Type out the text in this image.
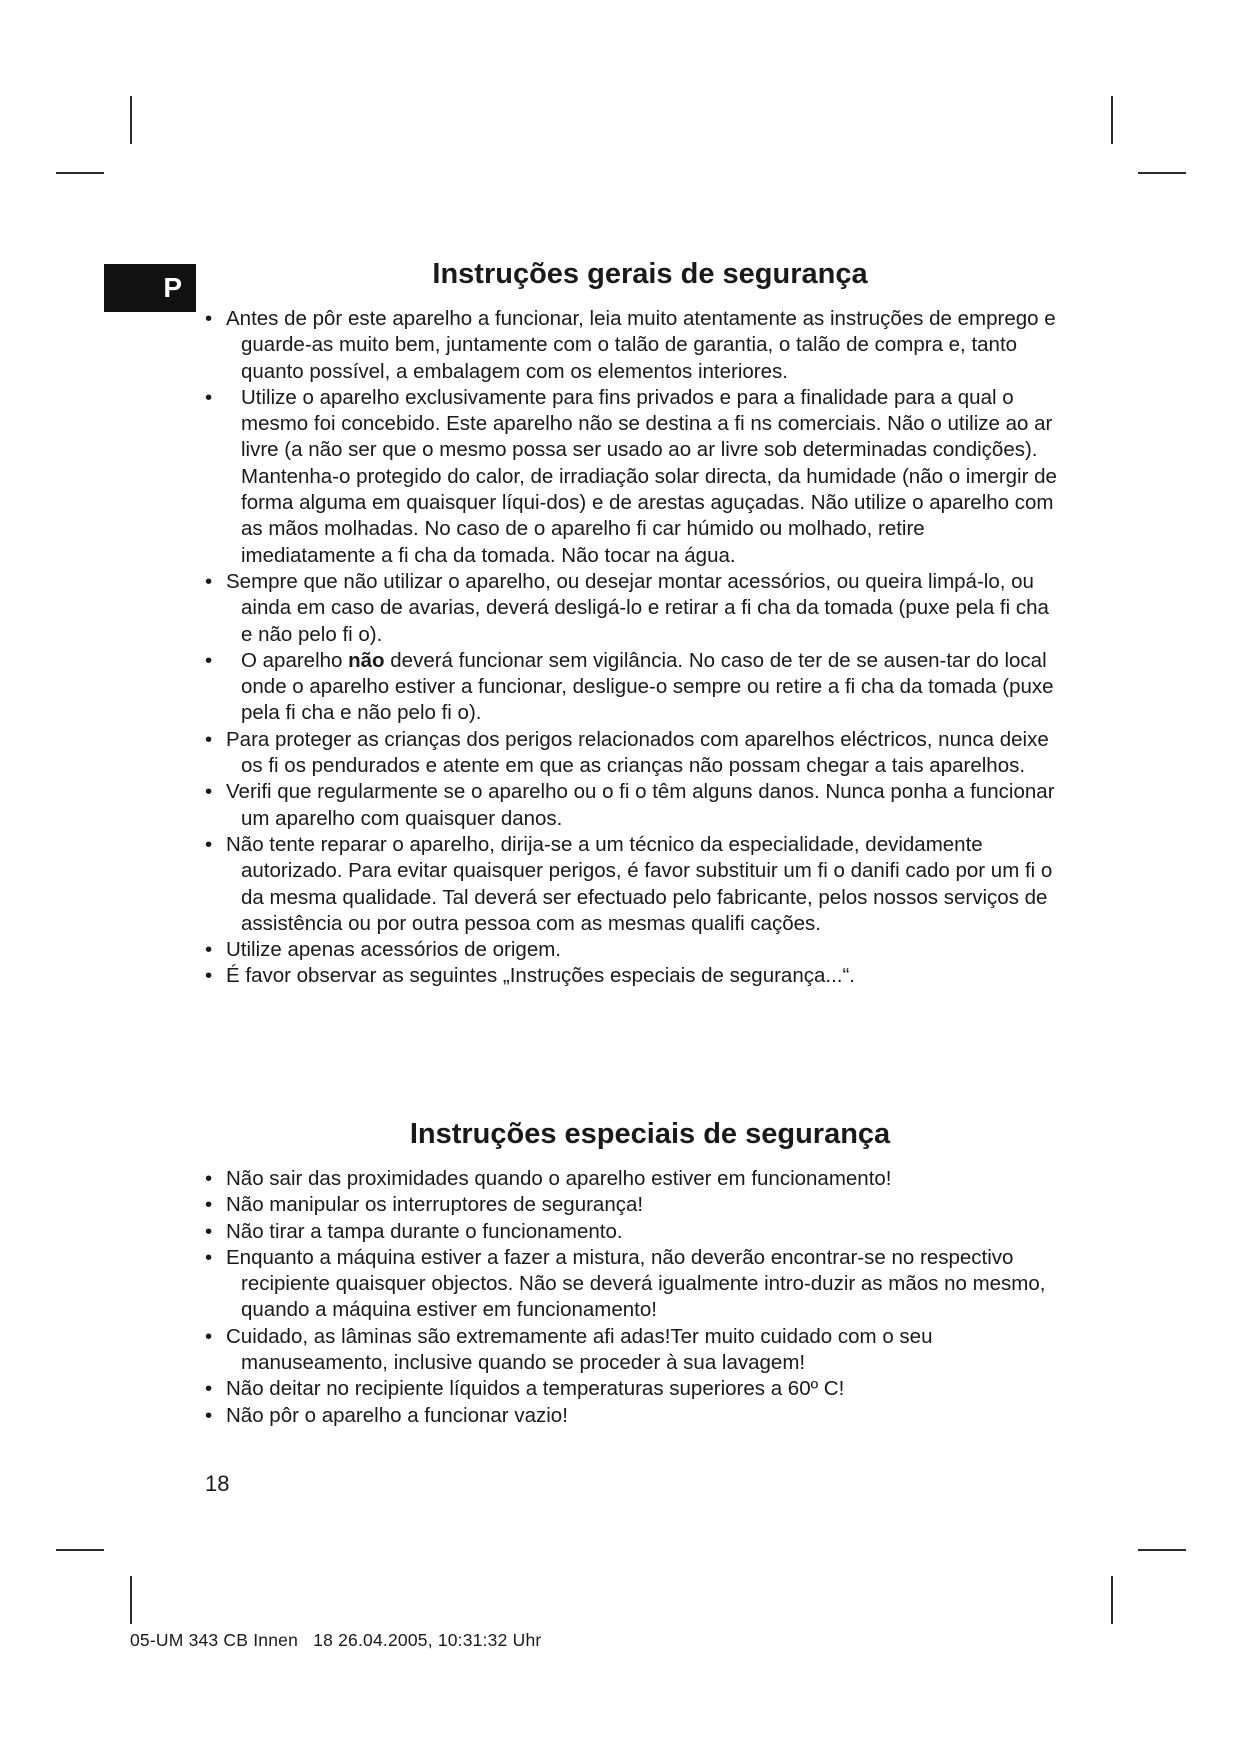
P	Instruções gerais de segurança
• Antes de pôr este aparelho a funcionar, leia muito atentamente as instruções de emprego e guarde-as muito bem, juntamente com o talão de garantia, o talão de compra e, tanto quanto possível, a embalagem com os elementos interiores.
• Utilize o aparelho exclusivamente para fins privados e para a finalidade para a qual o mesmo foi concebido. Este aparelho não se destina a fi ns comerciais. Não o utilize ao ar livre (a não ser que o mesmo possa ser usado ao ar livre sob determinadas condições). Mantenha-o protegido do calor, de irradiação solar directa, da humidade (não o imergir de forma alguma em quaisquer líqui-dos) e de arestas aguçadas. Não utilize o aparelho com as mãos molhadas. No caso de o aparelho fi car húmido ou molhado, retire imediatamente a fi cha da tomada. Não tocar na água.
• Sempre que não utilizar o aparelho, ou desejar montar acessórios, ou queira limpá-lo, ou ainda em caso de avarias, deverá desligá-lo e retirar a fi cha da tomada (puxe pela fi cha e não pelo fi o).
• O aparelho não deverá funcionar sem vigilância. No caso de ter de se ausen-tar do local onde o aparelho estiver a funcionar, desligue-o sempre ou retire a fi cha da tomada (puxe pela fi cha e não pelo fi o).
• Para proteger as crianças dos perigos relacionados com aparelhos eléctricos, nunca deixe os fi os pendurados e atente em que as crianças não possam chegar a tais aparelhos.
• Verifi que regularmente se o aparelho ou o fi o têm alguns danos. Nunca ponha a funcionar um aparelho com quaisquer danos.
• Não tente reparar o aparelho, dirija-se a um técnico da especialidade, devidamente autorizado. Para evitar quaisquer perigos, é favor substituir um fi o danifi cado por um fi o da mesma qualidade. Tal deverá ser efectuado pelo fabricante, pelos nossos serviços de assistência ou por outra pessoa com as mesmas qualifi cações.
• Utilize apenas acessórios de origem.
• É favor observar as seguintes „Instruções especiais de segurança...“.
Instruções especiais de segurança
• Não sair das proximidades quando o aparelho estiver em funcionamento!
• Não manipular os interruptores de segurança!
• Não tirar a tampa durante o funcionamento.
• Enquanto a máquina estiver a fazer a mistura, não deverão encontrar-se no respectivo recipiente quaisquer objectos. Não se deverá igualmente intro-duzir as mãos no mesmo, quando a máquina estiver em funcionamento!
• Cuidado, as lâminas são extremamente afi adas!Ter muito cuidado com o seu manuseamento, inclusive quando se proceder à sua lavagem!
• Não deitar no recipiente líquidos a temperaturas superiores a 60º C!
• Não pôr o aparelho a funcionar vazio!
18
05-UM 343 CB Innen   18 26.04.2005, 10:31:32 Uhr
